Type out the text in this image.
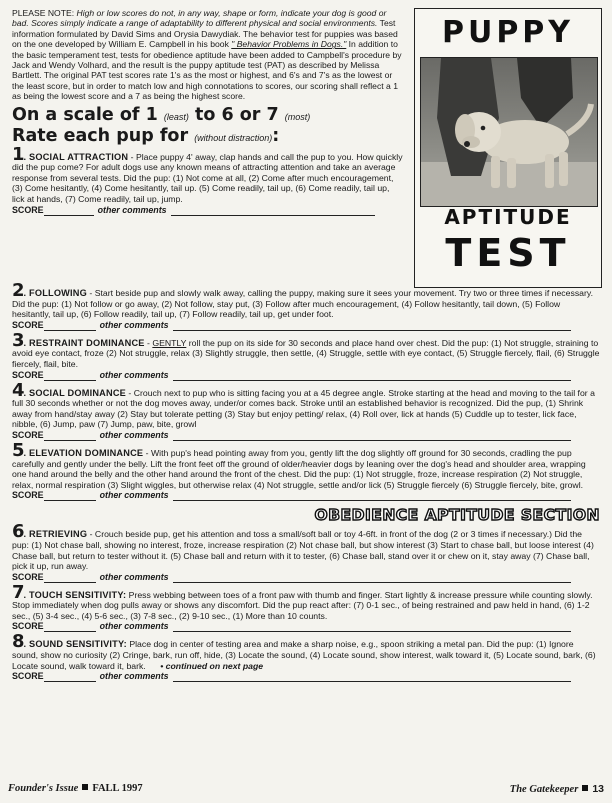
PLEASE NOTE: High or low scores do not, in any way, shape or form, indicate your dog is good or bad. Scores simply indicate a range of adaptability to different physical and social environments. Test information formulated by David Sims and Orysia Dawydiak. The behavior test for puppies was based on the one developed by William E. Campbell in his book " Behavior Problems in Dogs." In addition to the basic temperament test, tests for obedience aptitude have been added to Campbell's procedure by Jack and Wendy Volhard, and the result is the puppy aptitude test (PAT) as described by Melissa Bartlett. The original PAT test scores rate 1's as the most or highest, and 6's and 7's as the lowest or the least score, but in order to match low and high connotations to scores, our scoring shall reflect a 1 as being the lowest score and a 7 as being the highest score.

On a scale of 1 (least) to 6 or 7 (most)
Rate each pup for (without distraction):

1. SOCIAL ATTRACTION - Place puppy 4' away, clap hands and call the pup to you. How quickly did the pup come? For adult dogs use any known means of attracting attention and take an average response from several tests. Did the pup: (1) Not come at all, (2) Come after much encouragement, (3) Come hesitantly, (4) Come hesitantly, tail up. (5) Come readily, tail up, (6) Come readily, tail up, lick at hands, (7) Come readily, tail up, jump.

SCORE	other comments
PUPPY
APTITUDE
TEST

2. FOLLOWING - Start beside pup and slowly walk away, calling the puppy, making sure it sees your movement. Try two or three times if necessary. Did the pup: (1) Not follow or go away, (2) Not follow, stay put, (3) Follow after much encouragement, (4) Follow hesitantly, tail down, (5) Follow hesitantly, tail up, (6) Follow readily, tail up, (7) Follow readily, tail up, get under foot.

SCORE	other comments

3. RESTRAINT DOMINANCE - GENTLY roll the pup on its side for 30 seconds and place hand over chest. Did the pup: (1) Not struggle, straining to avoid eye contact, froze (2) Not struggle, relax (3) Slightly struggle, then settle, (4) Struggle, settle with eye contact, (5) Struggle fiercely, flail, (6) Struggle fiercely, flail, bite.

SCORE	other comments

4. SOCIAL DOMINANCE - Crouch next to pup who is sitting facing you at a 45 degree angle. Stroke starting at the head and moving to the tail for a full 30 seconds whether or not the dog moves away, under/or comes back. Stroke until an established behavior is recognized. Did the pup, (1) Shrink away from hand/stay away (2) Stay but tolerate petting (3) Stay but enjoy petting/ relax, (4) Roll over, lick at hands (5) Cuddle up to tester, lick face, nibble, (6) Jump, paw (7) Jump, paw, bite, growl

SCORE	other comments

5. ELEVATION DOMINANCE - With pup's head pointing away from you, gently lift the dog slightly off ground for 30 seconds, cradling the pup carefully and gently under the belly. Lift the front feet off the ground of older/heavier dogs by leaning over the dog's head and shoulder area, wrapping one hand around the belly and the other hand around the front of the chest. Did the pup: (1) Not struggle, froze, increase respiration (2) Not struggle, relax, normal respiration (3) Slight wiggles, but otherwise relax (4) Not struggle, settle and/or lick (5) Struggle fiercely (6) Struggle fiercely, bite, growl.

SCORE	other comments
OBEDIENCE APTITUDE SECTION

6. RETRIEVING - Crouch beside pup, get his attention and toss a small/soft ball or toy 4-6ft. in front of the dog (2 or 3 times if necessary.) Did the pup: (1) Not chase ball, showing no interest, froze, increase respiration (2) Not chase ball, but show interest (3) Start to chase ball, but loose interest (4) Chase ball, but return to tester without it. (5) Chase ball and return with it to tester, (6) Chase ball, stand over it or chew on it, stay away (7) Chase ball, pick it up, run away.

SCORE	other comments

7. TOUCH SENSITIVITY: Press webbing between toes of a front paw with thumb and finger. Start lightly & increase pressure while counting slowly. Stop immediately when dog pulls away or shows any discomfort. Did the pup react after: (7) 0-1 sec., of being restrained and paw held in hand, (6) 1-2 sec., (5) 3-4 sec., (4) 5-6 sec., (3) 7-8 sec., (2) 9-10 sec., (1) More than 10 counts.

SCORE	other comments

8. SOUND SENSITIVITY: Place dog in center of testing area and make a sharp noise, e.g., spoon striking a metal pan. Did the pup: (1) Ignore sound, show no curiosity (2) Cringe, bark, run off, hide, (3) Locate the sound, (4) Locate sound, show interest, walk toward it, (5) Locate sound, bark, (6) Locate sound, walk toward it, bark. • continued on next page

SCORE	other comments
Founder's Issue FALL 1997	The Gatekeeper 13
